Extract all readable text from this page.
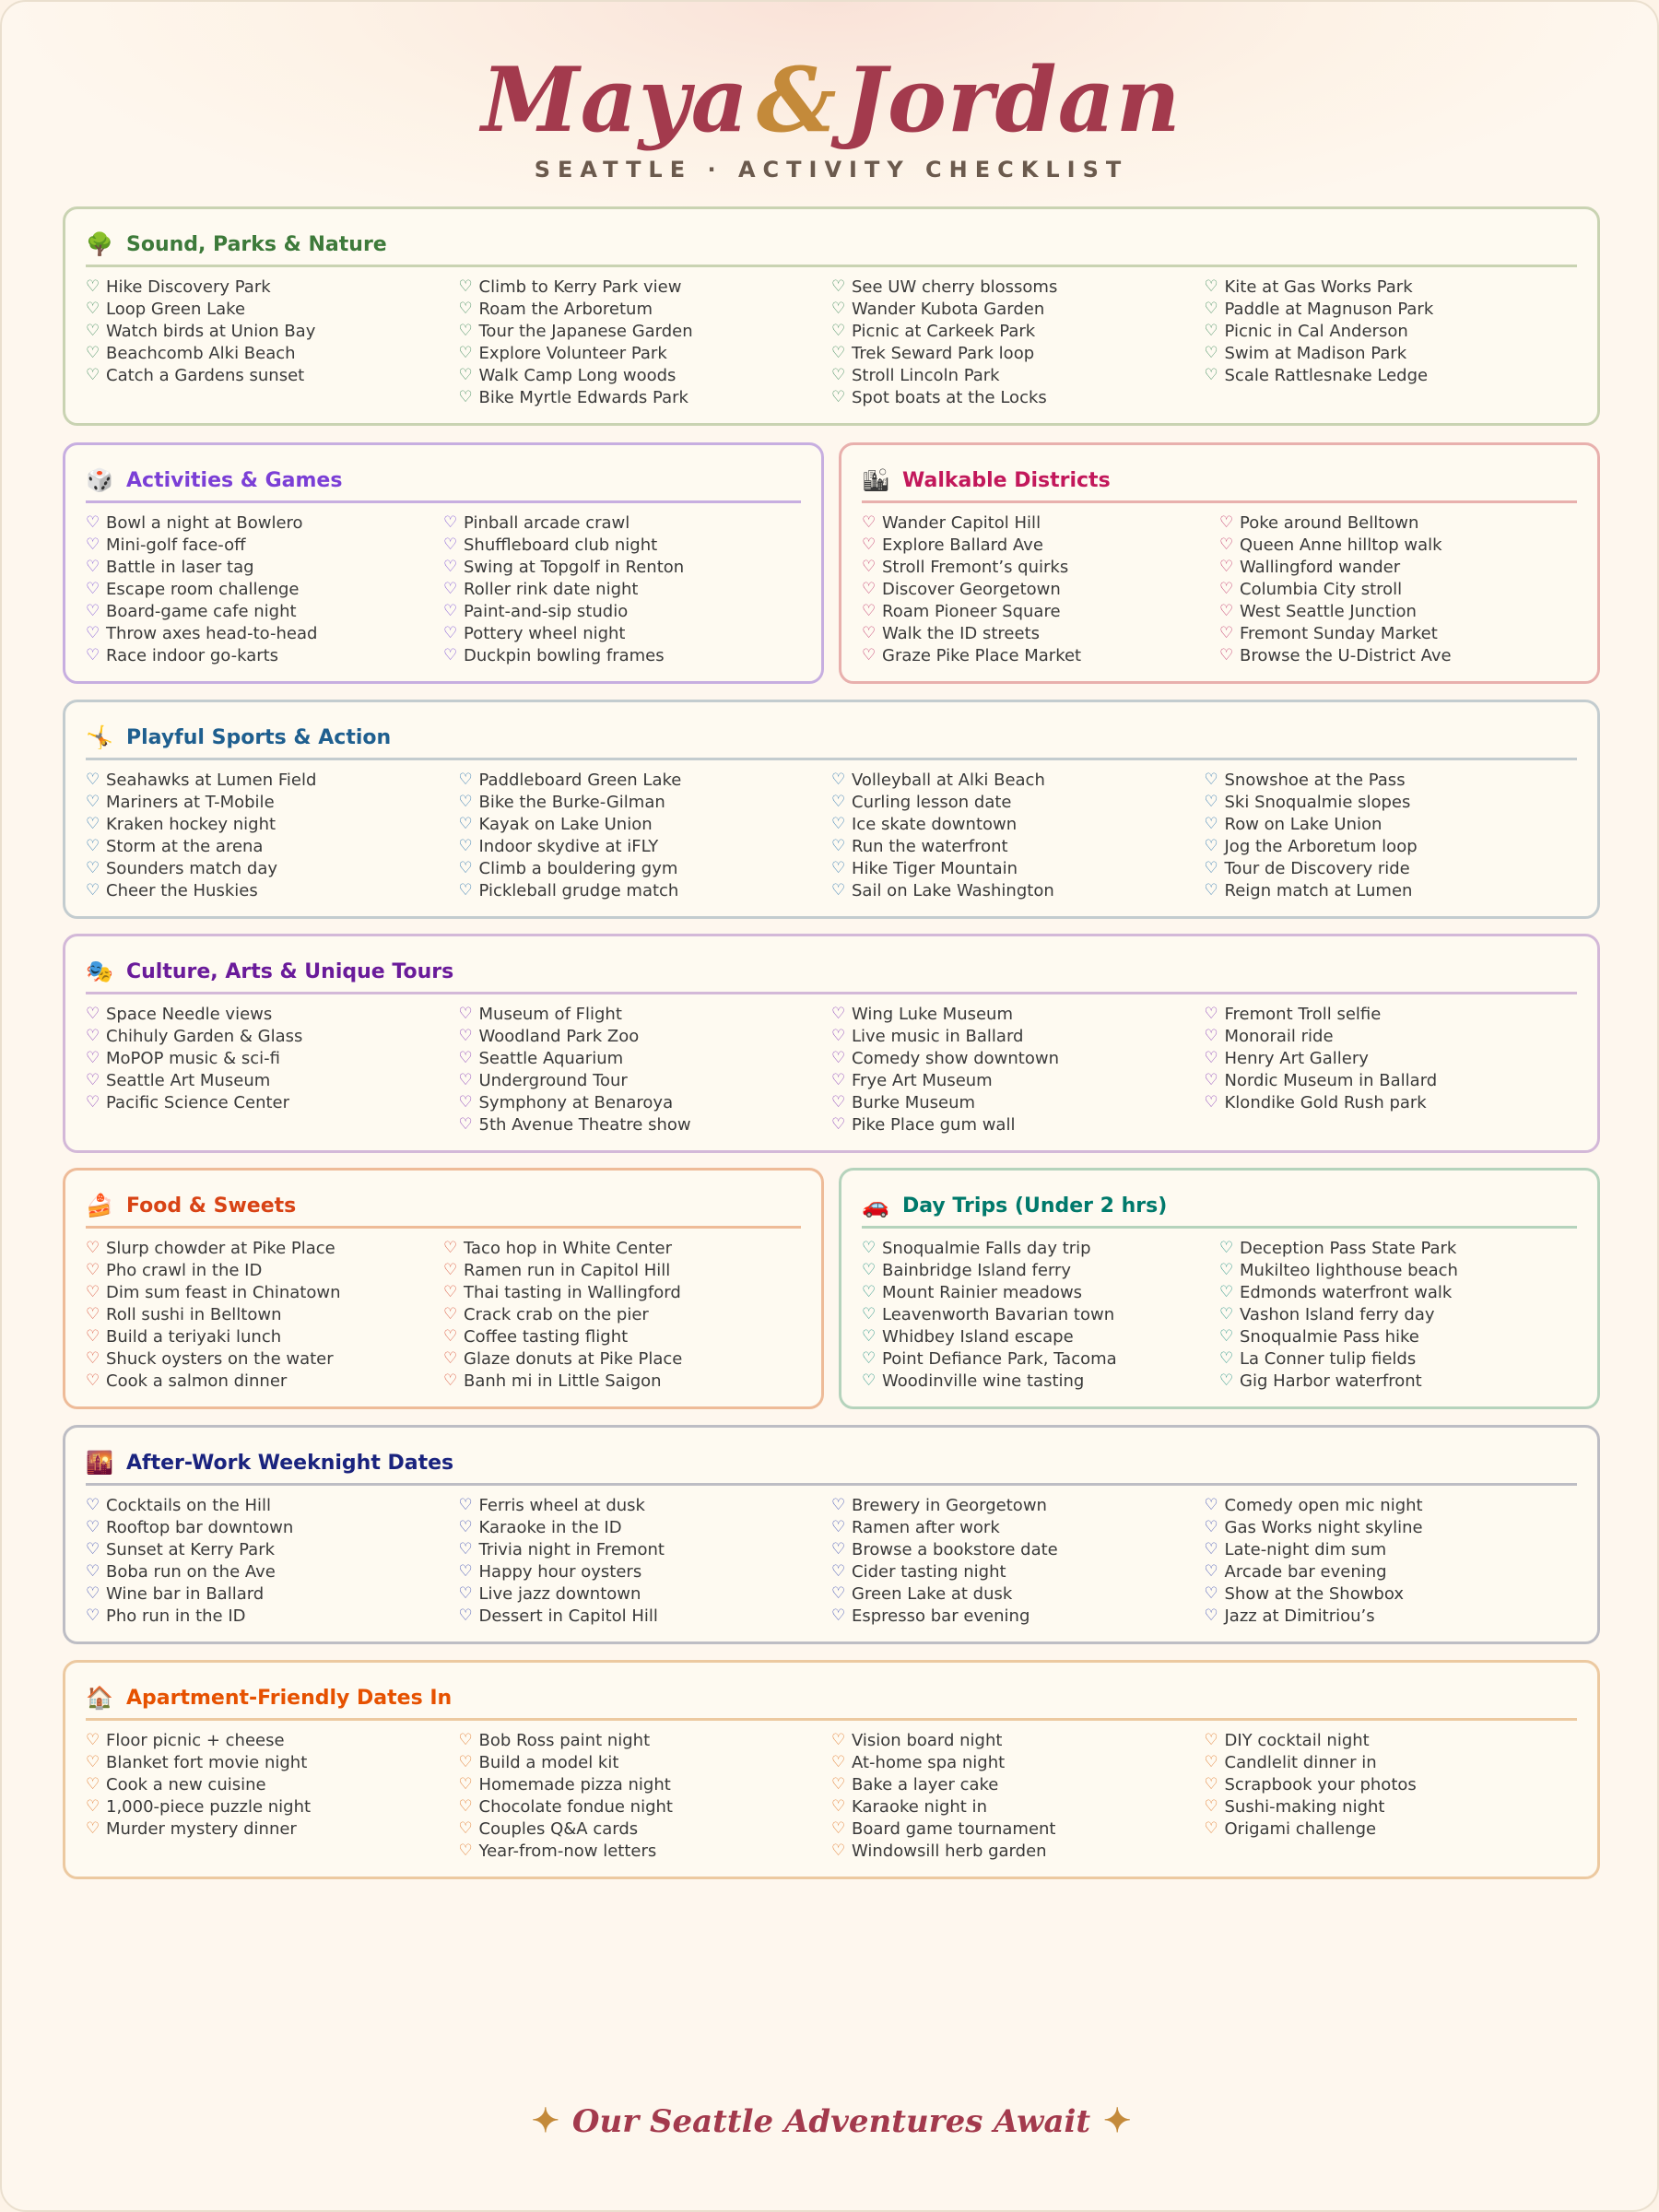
Maya&Jordan
SEATTLE · ACTIVITY CHECKLIST
🌳 Sound, Parks & Nature
♡ Hike Discovery Park
♡ Loop Green Lake
♡ Watch birds at Union Bay
♡ Beachcomb Alki Beach
♡ Catch a Gardens sunset
♡ Climb to Kerry Park view
♡ Roam the Arboretum
♡ Tour the Japanese Garden
♡ Explore Volunteer Park
♡ Walk Camp Long woods
♡ Bike Myrtle Edwards Park
♡ See UW cherry blossoms
♡ Wander Kubota Garden
♡ Picnic at Carkeek Park
♡ Trek Seward Park loop
♡ Stroll Lincoln Park
♡ Spot boats at the Locks
♡ Kite at Gas Works Park
♡ Paddle at Magnuson Park
♡ Picnic in Cal Anderson
♡ Swim at Madison Park
♡ Scale Rattlesnake Ledge
🎲 Activities & Games
♡ Bowl a night at Bowlero
♡ Mini-golf face-off
♡ Battle in laser tag
♡ Escape room challenge
♡ Board-game cafe night
♡ Throw axes head-to-head
♡ Race indoor go-karts
♡ Pinball arcade crawl
♡ Shuffleboard club night
♡ Swing at Topgolf in Renton
♡ Roller rink date night
♡ Paint-and-sip studio
♡ Pottery wheel night
♡ Duckpin bowling frames
🏙 Walkable Districts
♡ Wander Capitol Hill
♡ Explore Ballard Ave
♡ Stroll Fremont’s quirks
♡ Discover Georgetown
♡ Roam Pioneer Square
♡ Walk the ID streets
♡ Graze Pike Place Market
♡ Poke around Belltown
♡ Queen Anne hilltop walk
♡ Wallingford wander
♡ Columbia City stroll
♡ West Seattle Junction
♡ Fremont Sunday Market
♡ Browse the U-District Ave
🤸 Playful Sports & Action
♡ Seahawks at Lumen Field
♡ Mariners at T-Mobile
♡ Kraken hockey night
♡ Storm at the arena
♡ Sounders match day
♡ Cheer the Huskies
♡ Paddleboard Green Lake
♡ Bike the Burke-Gilman
♡ Kayak on Lake Union
♡ Indoor skydive at iFLY
♡ Climb a bouldering gym
♡ Pickleball grudge match
♡ Volleyball at Alki Beach
♡ Curling lesson date
♡ Ice skate downtown
♡ Run the waterfront
♡ Hike Tiger Mountain
♡ Sail on Lake Washington
♡ Snowshoe at the Pass
♡ Ski Snoqualmie slopes
♡ Row on Lake Union
♡ Jog the Arboretum loop
♡ Tour de Discovery ride
♡ Reign match at Lumen
🎭 Culture, Arts & Unique Tours
♡ Space Needle views
♡ Chihuly Garden & Glass
♡ MoPOP music & sci-fi
♡ Seattle Art Museum
♡ Pacific Science Center
♡ Museum of Flight
♡ Woodland Park Zoo
♡ Seattle Aquarium
♡ Underground Tour
♡ Symphony at Benaroya
♡ 5th Avenue Theatre show
♡ Wing Luke Museum
♡ Live music in Ballard
♡ Comedy show downtown
♡ Frye Art Museum
♡ Burke Museum
♡ Pike Place gum wall
♡ Fremont Troll selfie
♡ Monorail ride
♡ Henry Art Gallery
♡ Nordic Museum in Ballard
♡ Klondike Gold Rush park
🍰 Food & Sweets
♡ Slurp chowder at Pike Place
♡ Pho crawl in the ID
♡ Dim sum feast in Chinatown
♡ Roll sushi in Belltown
♡ Build a teriyaki lunch
♡ Shuck oysters on the water
♡ Cook a salmon dinner
♡ Taco hop in White Center
♡ Ramen run in Capitol Hill
♡ Thai tasting in Wallingford
♡ Crack crab on the pier
♡ Coffee tasting flight
♡ Glaze donuts at Pike Place
♡ Banh mi in Little Saigon
🚗 Day Trips (Under 2 hrs)
♡ Snoqualmie Falls day trip
♡ Bainbridge Island ferry
♡ Mount Rainier meadows
♡ Leavenworth Bavarian town
♡ Whidbey Island escape
♡ Point Defiance Park, Tacoma
♡ Woodinville wine tasting
♡ Deception Pass State Park
♡ Mukilteo lighthouse beach
♡ Edmonds waterfront walk
♡ Vashon Island ferry day
♡ Snoqualmie Pass hike
♡ La Conner tulip fields
♡ Gig Harbor waterfront
🌇 After-Work Weeknight Dates
♡ Cocktails on the Hill
♡ Rooftop bar downtown
♡ Sunset at Kerry Park
♡ Boba run on the Ave
♡ Wine bar in Ballard
♡ Pho run in the ID
♡ Ferris wheel at dusk
♡ Karaoke in the ID
♡ Trivia night in Fremont
♡ Happy hour oysters
♡ Live jazz downtown
♡ Dessert in Capitol Hill
♡ Brewery in Georgetown
♡ Ramen after work
♡ Browse a bookstore date
♡ Cider tasting night
♡ Green Lake at dusk
♡ Espresso bar evening
♡ Comedy open mic night
♡ Gas Works night skyline
♡ Late-night dim sum
♡ Arcade bar evening
♡ Show at the Showbox
♡ Jazz at Dimitriou’s
🏠 Apartment-Friendly Dates In
♡ Floor picnic + cheese
♡ Blanket fort movie night
♡ Cook a new cuisine
♡ 1,000-piece puzzle night
♡ Murder mystery dinner
♡ Bob Ross paint night
♡ Build a model kit
♡ Homemade pizza night
♡ Chocolate fondue night
♡ Couples Q&A cards
♡ Year-from-now letters
♡ Vision board night
♡ At-home spa night
♡ Bake a layer cake
♡ Karaoke night in
♡ Board game tournament
♡ Windowsill herb garden
♡ DIY cocktail night
♡ Candlelit dinner in
♡ Scrapbook your photos
♡ Sushi-making night
♡ Origami challenge
✦ Our Seattle Adventures Await ✦
